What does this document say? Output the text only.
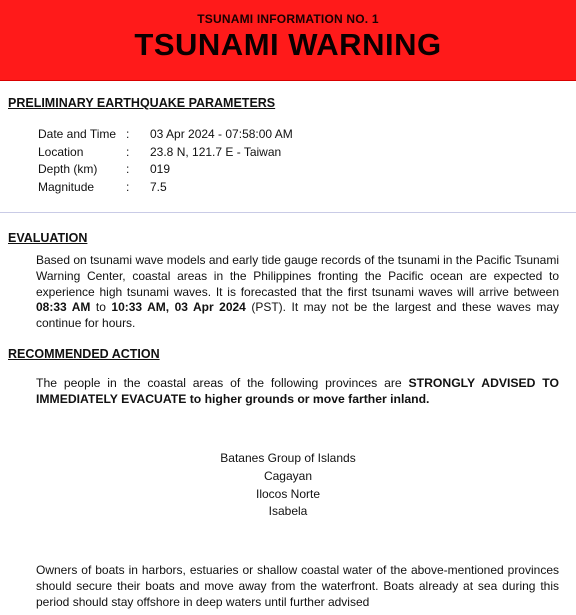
TSUNAMI INFORMATION NO. 1
TSUNAMI WARNING
PRELIMINARY EARTHQUAKE PARAMETERS
Date and Time :	03 Apr 2024 - 07:58:00 AM
Location	:	23.8 N, 121.7 E - Taiwan
Depth (km)	:	019
Magnitude	:	7.5
EVALUATION
Based on tsunami wave models and early tide gauge records of the tsunami in the Pacific Tsunami Warning Center, coastal areas in the Philippines fronting the Pacific ocean are expected to experience high tsunami waves. It is forecasted that the first tsunami waves will arrive between 08:33 AM to 10:33 AM, 03 Apr 2024 (PST). It may not be the largest and these waves may continue for hours.
RECOMMENDED ACTION
The people in the coastal areas of the following provinces are STRONGLY ADVISED TO IMMEDIATELY EVACUATE to higher grounds or move farther inland.
Batanes Group of Islands
Cagayan
Ilocos Norte
Isabela
Owners of boats in harbors, estuaries or shallow coastal water of the above-mentioned provinces should secure their boats and move away from the waterfront. Boats already at sea during this period should stay offshore in deep waters until further advised
